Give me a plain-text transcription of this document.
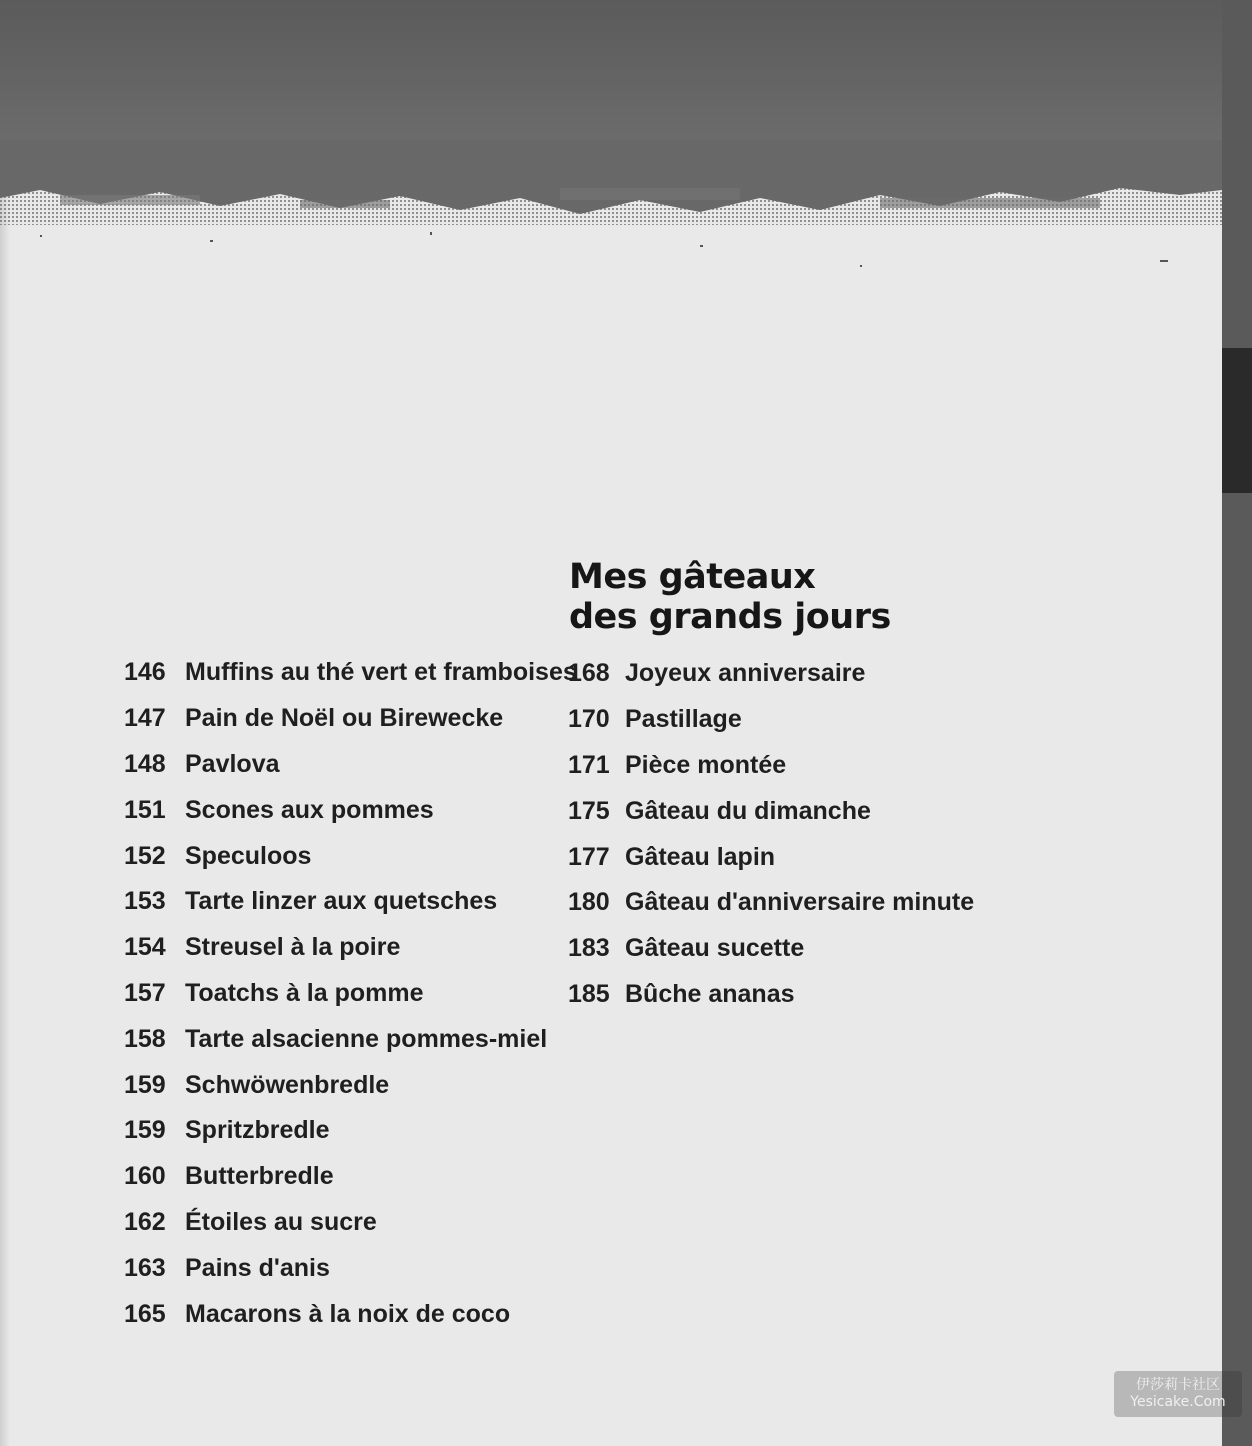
Mes gâteaux
des grands jours
146 Muffins au thé vert et framboises
147 Pain de Noël ou Birewecke
148 Pavlova
151 Scones aux pommes
152 Speculoos
153 Tarte linzer aux quetsches
154 Streusel à la poire
157 Toatchs à la pomme
158 Tarte alsacienne pommes-miel
159 Schwöwenbredle
159 Spritzbredle
160 Butterbredle
162 Étoiles au sucre
163 Pains d'anis
165 Macarons à la noix de coco
168 Joyeux anniversaire
170 Pastillage
171 Pièce montée
175 Gâteau du dimanche
177 Gâteau lapin
180 Gâteau d'anniversaire minute
183 Gâteau sucette
185 Bûche ananas
伊莎莉卡社区
Yesicake.Com
